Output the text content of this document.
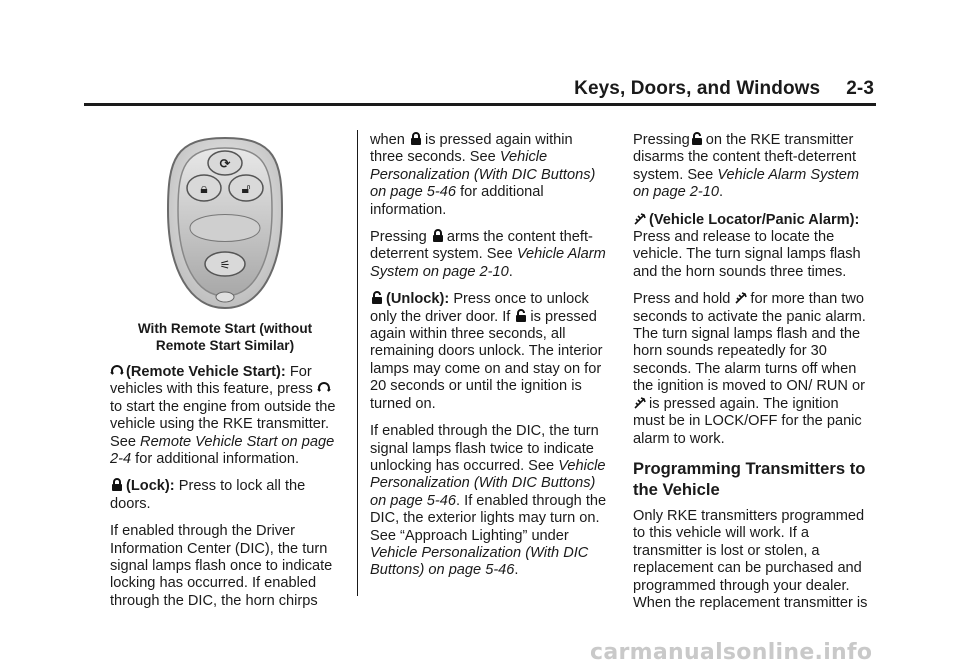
Keys, Doors, and Windows 2-3
⟳
🔒︎ 🔓︎
⚟
With Remote Start (without
Remote Start Similar)

(Remote Vehicle Start): For vehicles with this feature, press  to start the engine from outside the vehicle using the RKE transmitter. See Remote Vehicle Start on page 2-4 for additional information.

(Lock): Press to lock all the doors.

If enabled through the Driver Information Center (DIC), the turn signal lamps flash once to indicate locking has occurred. If enabled through the DIC, the horn chirps

when is pressed again within three seconds. See Vehicle Personalization (With DIC Buttons) on page 5-46 for additional information.

Pressing arms the content theft-deterrent system. See Vehicle Alarm System on page 2-10.

(Unlock): Press once to unlock only the driver door. If is pressed again within three seconds, all remaining doors unlock. The interior lamps may come on and stay on for 20 seconds or until the ignition is turned on.

If enabled through the DIC, the turn signal lamps flash twice to indicate unlocking has occurred. See Vehicle Personalization (With DIC Buttons) on page 5-46. If enabled through the DIC, the exterior lights may turn on. See “Approach Lighting” under Vehicle Personalization (With DIC Buttons) on page 5-46.

Pressing on the RKE transmitter disarms the content theft-deterrent system. See Vehicle Alarm System on page 2-10.

(Vehicle Locator/Panic Alarm): Press and release to locate the vehicle. The turn signal lamps flash and the horn sounds three times.

Press and hold for more than two seconds to activate the panic alarm. The turn signal lamps flash and the horn sounds repeatedly for 30 seconds. The alarm turns off when the ignition is moved to ON/ RUN or is pressed again. The ignition must be in LOCK/OFF for the panic alarm to work.

Programming Transmitters to the Vehicle

Only RKE transmitters programmed to this vehicle will work. If a transmitter is lost or stolen, a replacement can be purchased and programmed through your dealer. When the replacement transmitter is

carmanualsonline.info
